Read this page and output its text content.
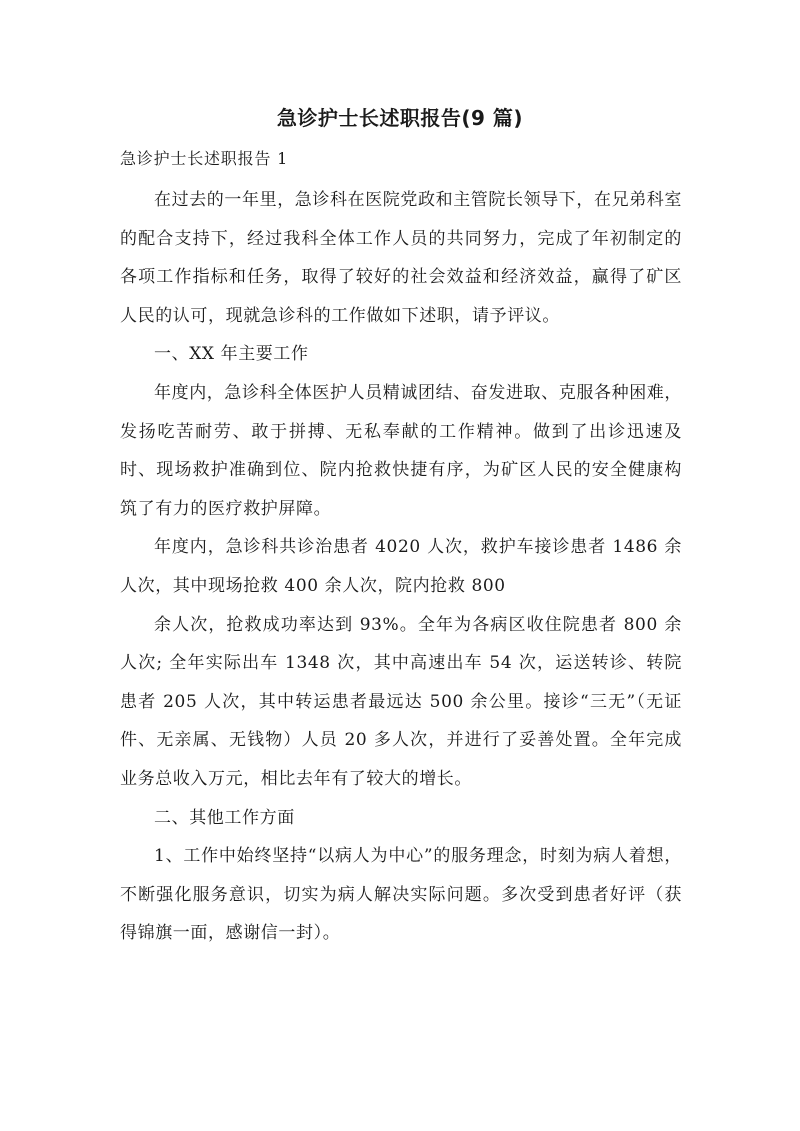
急诊护士长述职报告(9 篇)

急诊护士长述职报告 1

在过去的一年里，急诊科在医院党政和主管院长领导下，在兄弟科室的配合支持下，经过我科全体工作人员的共同努力，完成了年初制定的各项工作指标和任务，取得了较好的社会效益和经济效益，赢得了矿区人民的认可，现就急诊科的工作做如下述职，请予评议。

一、XX 年主要工作

年度内，急诊科全体医护人员精诚团结、奋发进取、克服各种困难，发扬吃苦耐劳、敢于拼搏、无私奉献的工作精神。做到了出诊迅速及时、现场救护准确到位、院内抢救快捷有序，为矿区人民的安全健康构筑了有力的医疗救护屏障。

年度内，急诊科共诊治患者 4020 人次，救护车接诊患者 1486 余人次，其中现场抢救 400 余人次，院内抢救 800

余人次，抢救成功率达到 93%。全年为各病区收住院患者 800 余人次; 全年实际出车 1348 次，其中高速出车 54 次，运送转诊、转院患者 205 人次，其中转运患者最远达 500 余公里。接诊“三无”（无证件、无亲属、无钱物）人员 20 多人次，并进行了妥善处置。全年完成业务总收入万元，相比去年有了较大的增长。

二、其他工作方面

1、工作中始终坚持“以病人为中心”的服务理念，时刻为病人着想，不断强化服务意识，切实为病人解决实际问题。多次受到患者好评（获得锦旗一面，感谢信一封）。
